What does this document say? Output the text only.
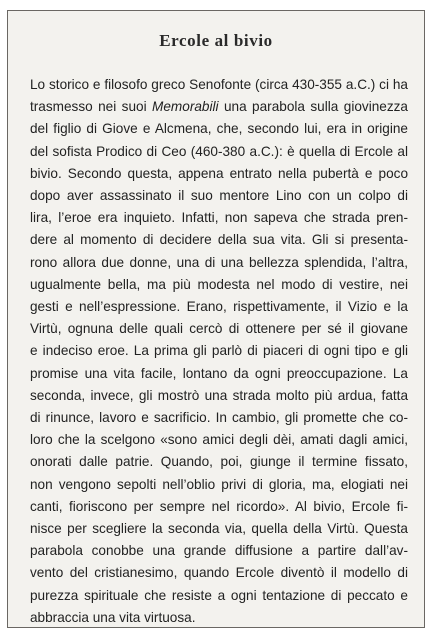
Ercole al bivio
Lo storico e filosofo greco Senofonte (circa 430-355 a.C.) ci ha
trasmesso nei suoi Memorabili una parabola sulla giovinezza
del figlio di Giove e Alcmena, che, secondo lui, era in origine
del sofista Prodico di Ceo (460-380 a.C.): è quella di Ercole al
bivio. Secondo questa, appena entrato nella pubertà e poco
dopo aver assassinato il suo mentore Lino con un colpo di
lira, l’eroe era inquieto. Infatti, non sapeva che strada pren-
dere al momento di decidere della sua vita. Gli si presenta-
rono allora due donne, una di una bellezza splendida, l’altra,
ugualmente bella, ma più modesta nel modo di vestire, nei
gesti e nell’espressione. Erano, rispettivamente, il Vizio e la
Virtù, ognuna delle quali cercò di ottenere per sé il giovane
e indeciso eroe. La prima gli parlò di piaceri di ogni tipo e gli
promise una vita facile, lontano da ogni preoccupazione. La
seconda, invece, gli mostrò una strada molto più ardua, fatta
di rinunce, lavoro e sacrificio. In cambio, gli promette che co-
loro che la scelgono «sono amici degli dèi, amati dagli amici,
onorati dalle patrie. Quando, poi, giunge il termine fissato,
non vengono sepolti nell’oblio privi di gloria, ma, elogiati nei
canti, fioriscono per sempre nel ricordo». Al bivio, Ercole fi-
nisce per scegliere la seconda via, quella della Virtù. Questa
parabola conobbe una grande diffusione a partire dall’av-
vento del cristianesimo, quando Ercole diventò il modello di
purezza spirituale che resiste a ogni tentazione di peccato e
abbraccia una vita virtuosa.
